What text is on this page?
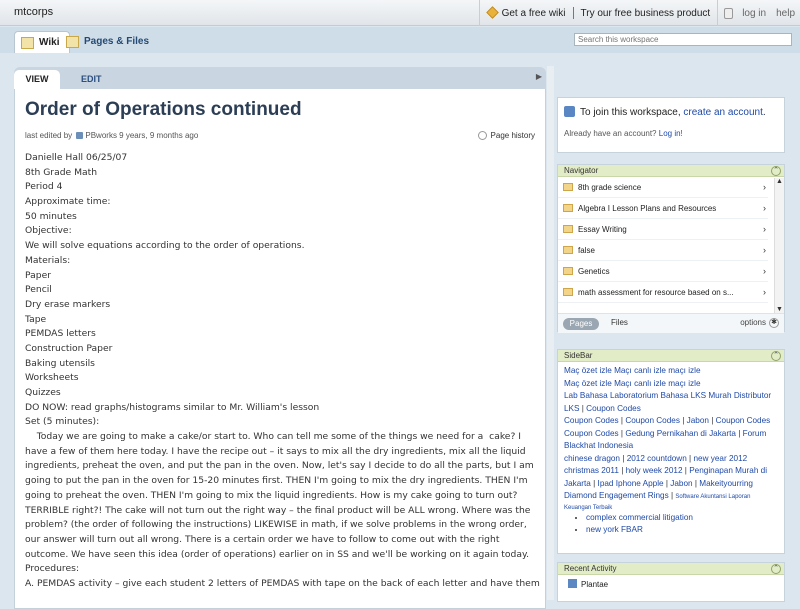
mtcorps	Get a free wiki	Try our free business product	log in	help
Wiki	Pages & Files
Search this workspace
VIEW	EDIT	▶
Order of Operations continued
last edited by PBworks 9 years, 9 months ago	Page history
Danielle Hall 06/25/07
8th Grade Math
Period 4
Approximate time:
50 minutes
Objective:
We will solve equations according to the order of operations.
Materials:
Paper
Pencil
Dry erase markers
Tape
PEMDAS letters
Construction Paper
Baking utensils
Worksheets
Quizzes
DO NOW: read graphs/histograms similar to Mr. William's lesson
Set (5 minutes):
Today we are going to make a cake/or start to. Who can tell me some of the things we need for a  cake? I have a few of them here today. I have the recipe out – it says to mix all the dry ingredients, mix all the liquid ingredients, preheat the oven, and put the pan in the oven. Now, let's say I decide to do all the parts, but I am going to put the pan in the oven for 15-20 minutes first. THEN I'm going to mix the dry ingredients. THEN I'm going to preheat the oven. THEN I'm going to mix the liquid ingredients. How is my cake going to turn out? TERRIBLE right?! The cake will not turn out the right way – the final product will be ALL wrong. Where was the problem? (the order of following the instructions) LIKEWISE in math, if we solve problems in the wrong order, our answer will turn out all wrong. There is a certain order we have to follow to come out with the right outcome. We have seen this idea (order of operations) earlier on in SS and we'll be working on it again today.
Procedures:
A. PEMDAS activity – give each student 2 letters of PEMDAS with tape on the back of each letter and have them
To join this workspace, create an account.
Already have an account? Log in!
Navigator	⌃
8th grade science	›
Algebra I Lesson Plans and Resources	›
Essay Writing	›
false	›
Genetics	›
math assessment for resource based on s...	›
▲
▼
Pages	Files	options ✱
SideBar	⌃
Maç özet izle Maçı canlı izle maçı izle
Maç özet izle Maçı canlı izle maçı izle
Lab Bahasa Laboratorium Bahasa LKS Murah Distributor
LKS | Coupon Codes
Coupon Codes | Coupon Codes | Jabon | Coupon Codes
Coupon Codes | Gedung Pernikahan di Jakarta | Forum
Blackhat Indonesia
chinese dragon | 2012 countdown | new year 2012
christmas 2011 | holy week 2012 | Penginapan Murah di
Jakarta | Ipad Iphone Apple | Jabon | Makeityourring
Diamond Engagement Rings | Software Akuntansi Laporan
Keuangan Terbaik
• complex commercial litigation
• new york FBAR
Recent Activity	⌃
Plantae
